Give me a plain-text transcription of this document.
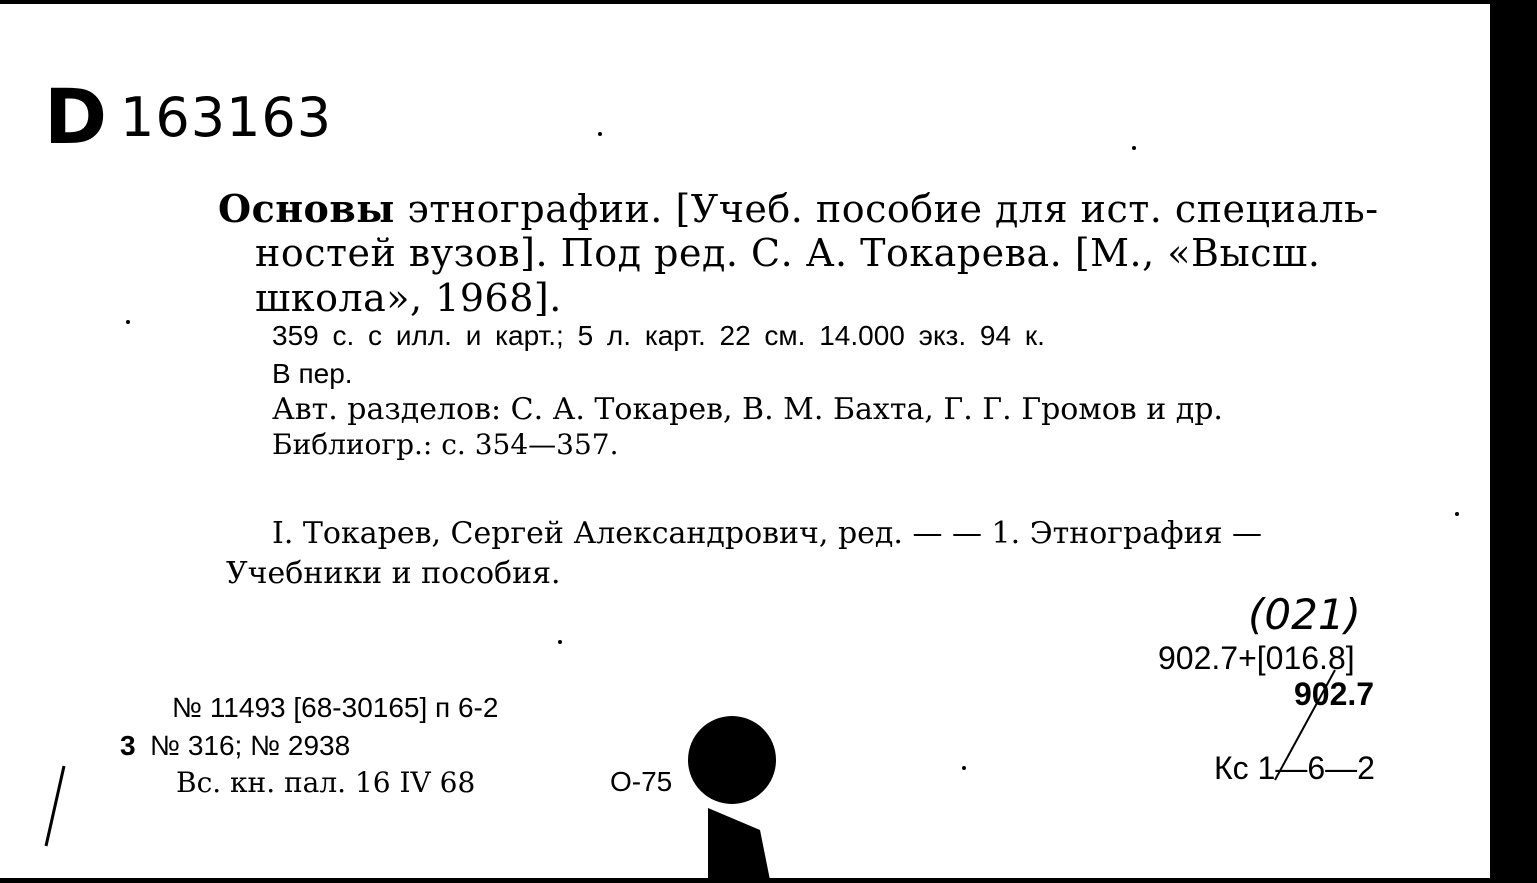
D 163163
Основы этнографии. [Учеб. пособие для ист. специаль-
ностей вузов]. Под ред. С. А. Токарева. [М., «Высш.
школа», 1968].
359 с. с илл. и карт.; 5 л. карт. 22 см. 14.000 экз. 94 к.
В пер.
Авт. разделов: С. А. Токарев, В. М. Бахта, Г. Г. Громов и др.
Библиогр.: с. 354—357.
I. Токарев, Сергей Александрович, ред. — — 1. Этнография —
Учебники и пособия.
(021)
902.7+[016.8]
902.7
Кс 1—6—2
№ 11493 [68-30165] п 6-2
3 № 316; № 2938
Вс. кн. пал. 16 IV 68	О-75
